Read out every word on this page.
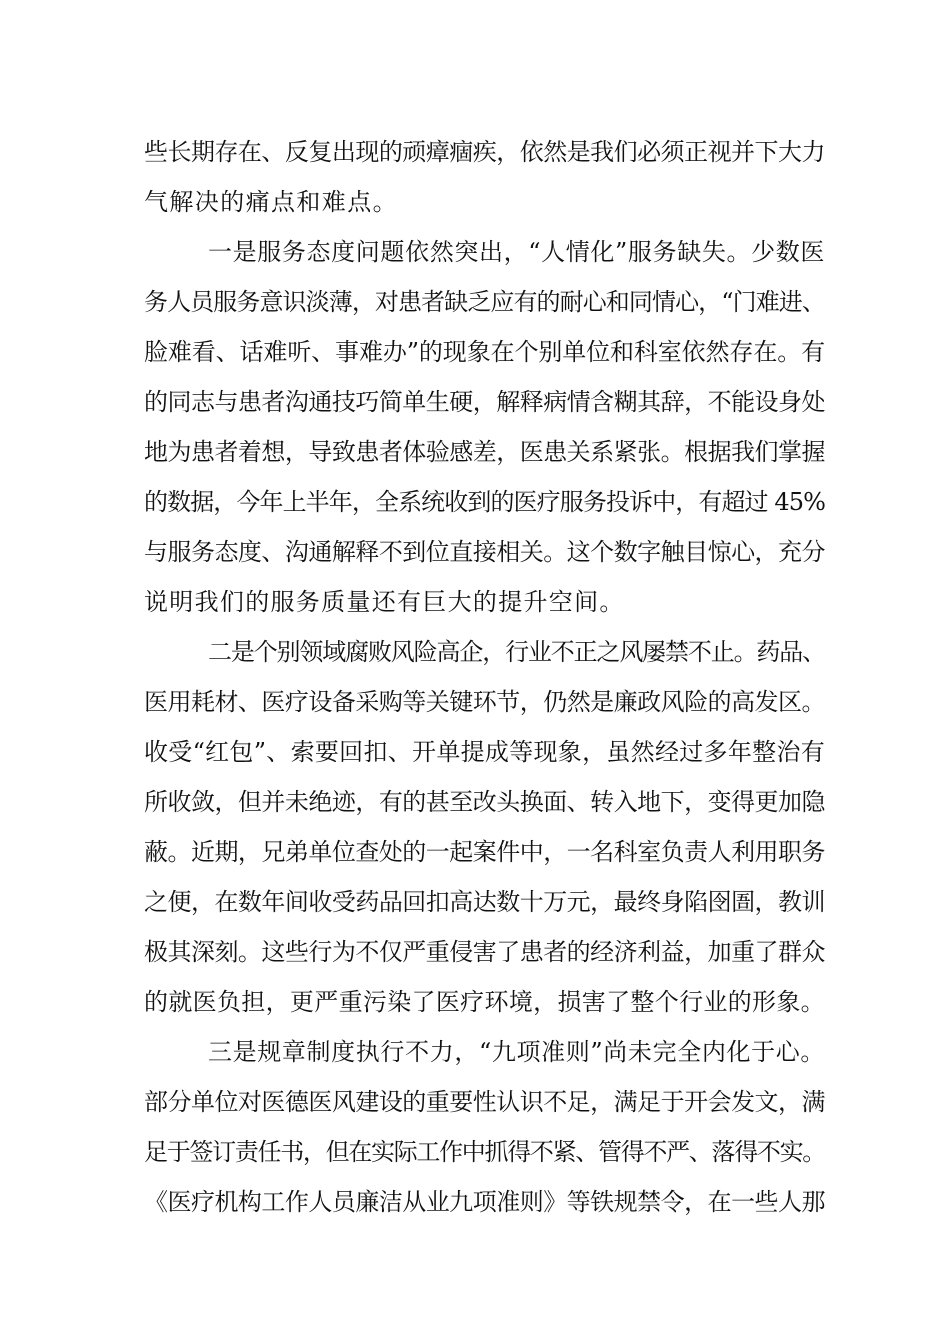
些长期存在、反复出现的顽瘴痼疾，依然是我们必须正视并下大力
气解决的痛点和难点。
一是服务态度问题依然突出，“人情化”服务缺失。少数医
务人员服务意识淡薄，对患者缺乏应有的耐心和同情心，“门难进、
脸难看、话难听、事难办”的现象在个别单位和科室依然存在。有
的同志与患者沟通技巧简单生硬，解释病情含糊其辞，不能设身处
地为患者着想，导致患者体验感差，医患关系紧张。根据我们掌握
的数据，今年上半年，全系统收到的医疗服务投诉中，有超过 45%
与服务态度、沟通解释不到位直接相关。这个数字触目惊心，充分
说明我们的服务质量还有巨大的提升空间。
二是个别领域腐败风险高企，行业不正之风屡禁不止。药品、
医用耗材、医疗设备采购等关键环节，仍然是廉政风险的高发区。
收受“红包”、索要回扣、开单提成等现象，虽然经过多年整治有
所收敛，但并未绝迹，有的甚至改头换面、转入地下，变得更加隐
蔽。近期，兄弟单位查处的一起案件中，一名科室负责人利用职务
之便，在数年间收受药品回扣高达数十万元，最终身陷囹圄，教训
极其深刻。这些行为不仅严重侵害了患者的经济利益，加重了群众
的就医负担，更严重污染了医疗环境，损害了整个行业的形象。
三是规章制度执行不力，“九项准则”尚未完全内化于心。
部分单位对医德医风建设的重要性认识不足，满足于开会发文，满
足于签订责任书，但在实际工作中抓得不紧、管得不严、落得不实。
《医疗机构工作人员廉洁从业九项准则》等铁规禁令，在一些人那
